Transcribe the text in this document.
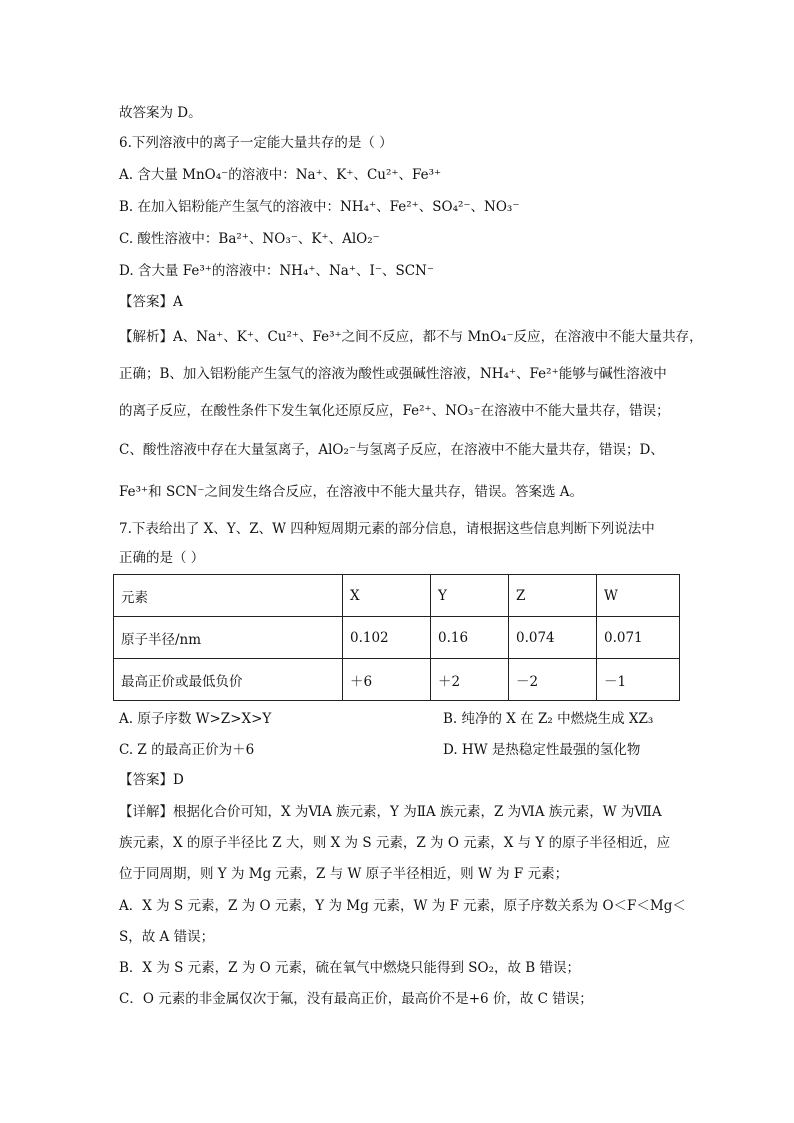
故答案为 D。
6.下列溶液中的离子一定能大量共存的是（ ）
A. 含大量 MnO₄⁻的溶液中：Na⁺、K⁺、Cu²⁺、Fe³⁺
B. 在加入铝粉能产生氢气的溶液中：NH₄⁺、Fe²⁺、SO₄²⁻、NO₃⁻
C. 酸性溶液中：Ba²⁺、NO₃⁻、K⁺、AlO₂⁻
D. 含大量 Fe³⁺的溶液中：NH₄⁺、Na⁺、I⁻、SCN⁻
【答案】A
【解析】A、Na⁺、K⁺、Cu²⁺、Fe³⁺之间不反应，都不与 MnO₄⁻反应，在溶液中不能大量共存，
正确；B、加入铝粉能产生氢气的溶液为酸性或强碱性溶液，NH₄⁺、Fe²⁺能够与碱性溶液中
的离子反应，在酸性条件下发生氧化还原反应，Fe²⁺、NO₃⁻在溶液中不能大量共存，错误；
C、酸性溶液中存在大量氢离子，AlO₂⁻与氢离子反应，在溶液中不能大量共存，错误；D、
Fe³⁺和 SCN⁻之间发生络合反应，在溶液中不能大量共存，错误。答案选 A。
7.下表给出了 X、Y、Z、W 四种短周期元素的部分信息，请根据这些信息判断下列说法中
正确的是（ ）
元素	X	Y	Z	W
原子半径/nm	0.102	0.16	0.074	0.071
最高正价或最低负价	＋6	＋2	－2	－1
A. 原子序数 W>Z>X>Y	B. 纯净的 X 在 Z₂ 中燃烧生成 XZ₃
C. Z 的最高正价为＋6	D. HW 是热稳定性最强的氢化物
【答案】D
【详解】根据化合价可知，X 为ⅥA 族元素，Y 为ⅡA 族元素，Z 为ⅥA 族元素，W 为ⅦA
族元素，X 的原子半径比 Z 大，则 X 为 S 元素，Z 为 O 元素，X 与 Y 的原子半径相近，应
位于同周期，则 Y 为 Mg 元素，Z 与 W 原子半径相近，则 W 为 F 元素；
A．X 为 S 元素，Z 为 O 元素，Y 为 Mg 元素，W 为 F 元素，原子序数关系为 O＜F＜Mg＜
S，故 A 错误；
B．X 为 S 元素，Z 为 O 元素，硫在氧气中燃烧只能得到 SO₂，故 B 错误；
C．O 元素的非金属仅次于氟，没有最高正价，最高价不是+6 价，故 C 错误；
